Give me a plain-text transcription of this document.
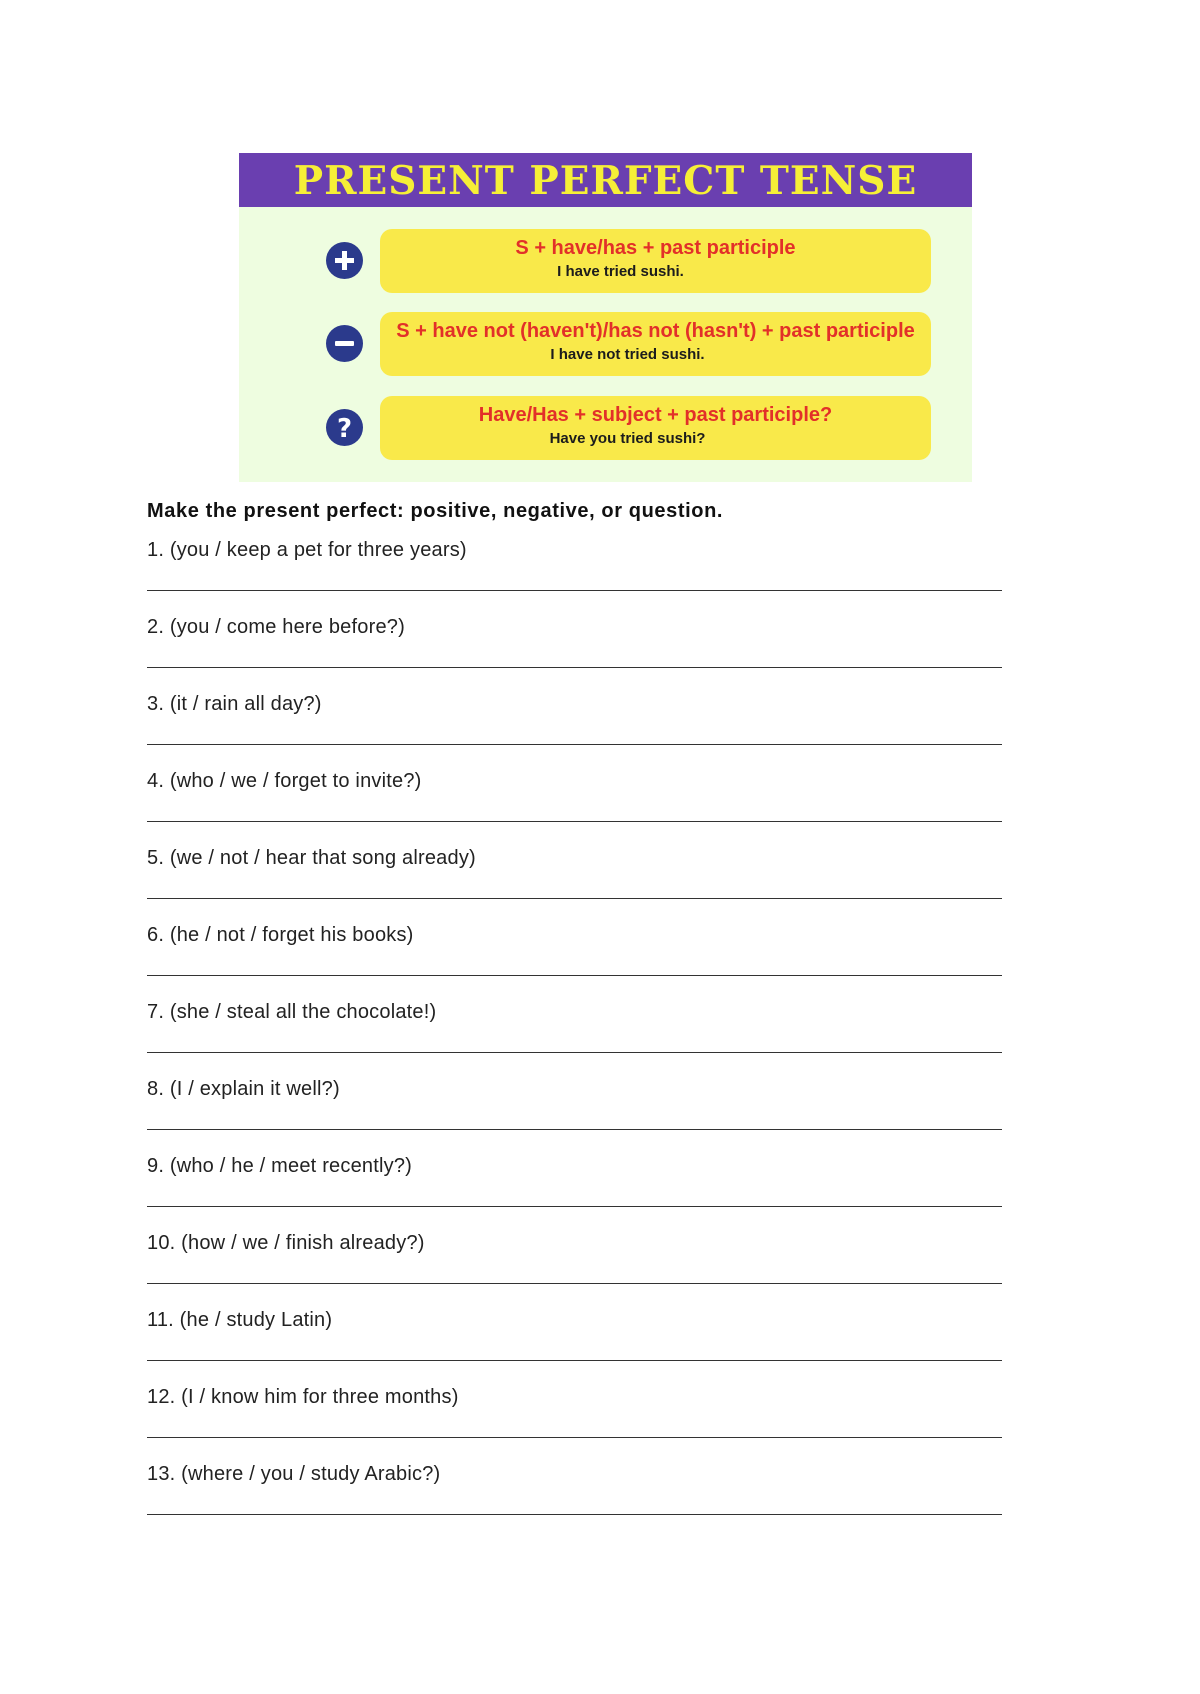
PRESENT PERFECT TENSE
S + have/has + past participle
I have tried sushi.
S + have not (haven't)/has not (hasn't) + past participle
I have not tried sushi.
?	Have/Has + subject + past participle?
Have you tried sushi?
Make the present perfect: positive, negative, or question.
1. (you / keep a pet for three years)
2. (you / come here before?)
3. (it / rain all day?)
4. (who / we / forget to invite?)
5. (we / not / hear that song already)
6. (he / not / forget his books)
7. (she / steal all the chocolate!)
8. (I / explain it well?)
9. (who / he / meet recently?)
10. (how / we / finish already?)
11. (he / study Latin)
12. (I / know him for three months)
13. (where / you / study Arabic?)
